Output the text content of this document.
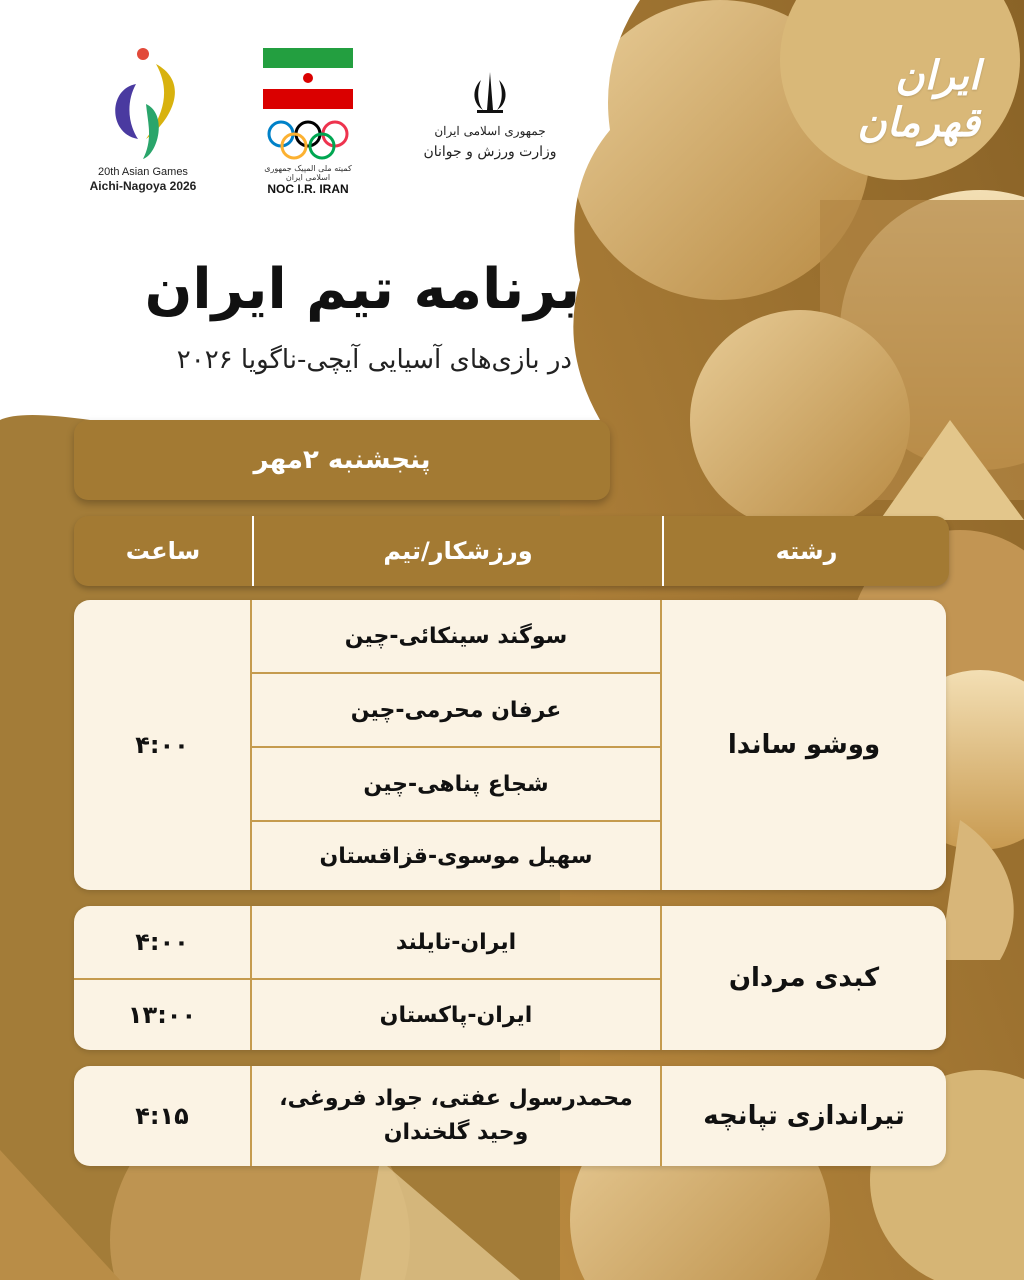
20th Asian Games
Aichi-Nagoya 2026
کمیته ملی المپیک جمهوری اسلامی ایران
NOC I.R. IRAN
جمهوری اسلامی ایران
وزارت ورزش و جوانان
ایران قهرمان
برنامه تیم ایران
در بازی‌های آسیایی آیچی-ناگویا ۲۰۲۶
پنجشنبه ۲مهر
ساعت	ورزشکار/تیم	رشته
۴:۰۰
سوگند سینکائی-چین
عرفان محرمی-چین
شجاع پناهی-چین
سهیل موسوی-قزاقستان
ووشو ساندا
۴:۰۰
۱۳:۰۰
ایران-تایلند
ایران-پاکستان
کبدی مردان
۴:۱۵
محمدرسول عفتی، جواد فروغی،
وحید گلخندان
تیراندازی تپانچه
